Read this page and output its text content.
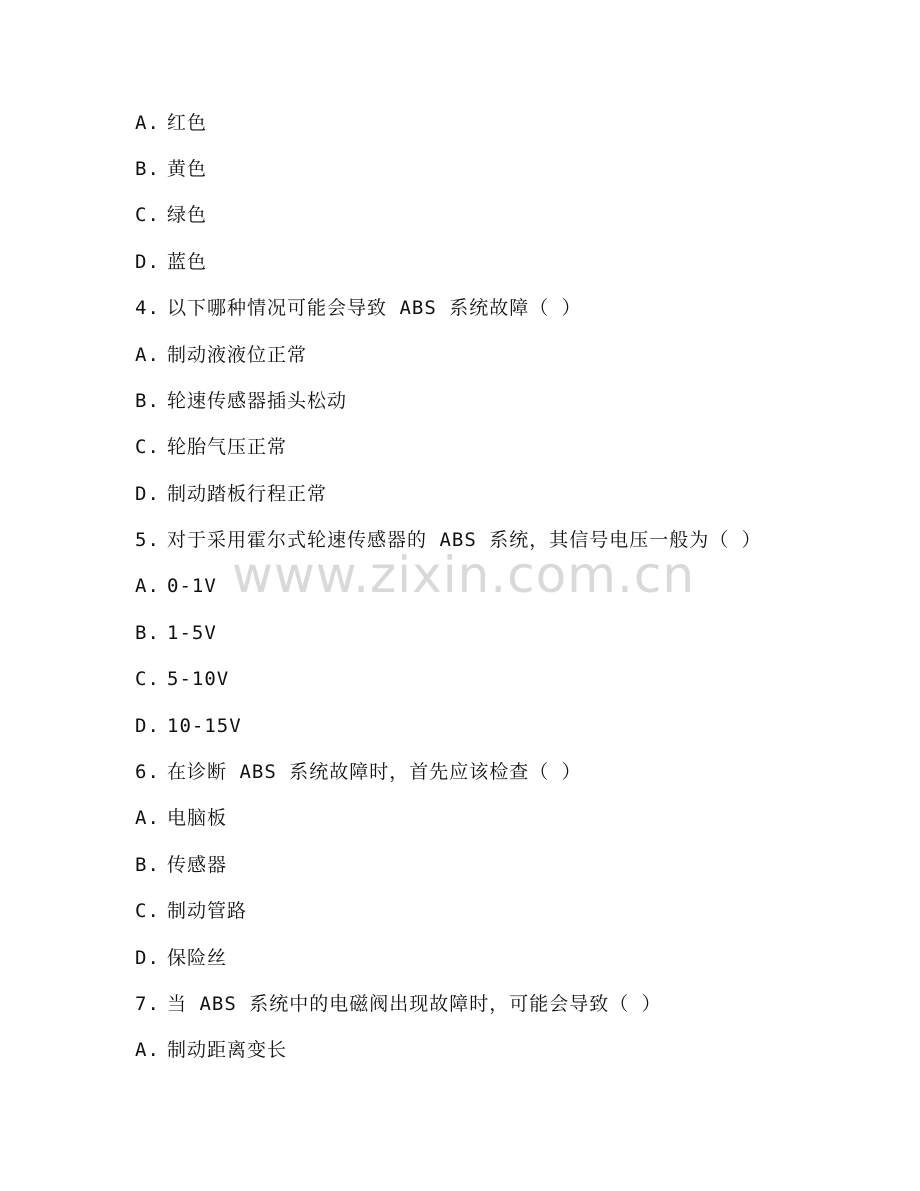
A. 红色
B. 黄色
C. 绿色
D. 蓝色
4. 以下哪种情况可能会导致 ABS 系统故障（ ）
A. 制动液液位正常
B. 轮速传感器插头松动
C. 轮胎气压正常
D. 制动踏板行程正常
5. 对于采用霍尔式轮速传感器的 ABS 系统，其信号电压一般为（ ）
A. 0-1V
B. 1-5V
C. 5-10V
D. 10-15V
6. 在诊断 ABS 系统故障时，首先应该检查（ ）
A. 电脑板
B. 传感器
C. 制动管路
D. 保险丝
7. 当 ABS 系统中的电磁阀出现故障时，可能会导致（ ）
A. 制动距离变长
www.zixin.com.cn
